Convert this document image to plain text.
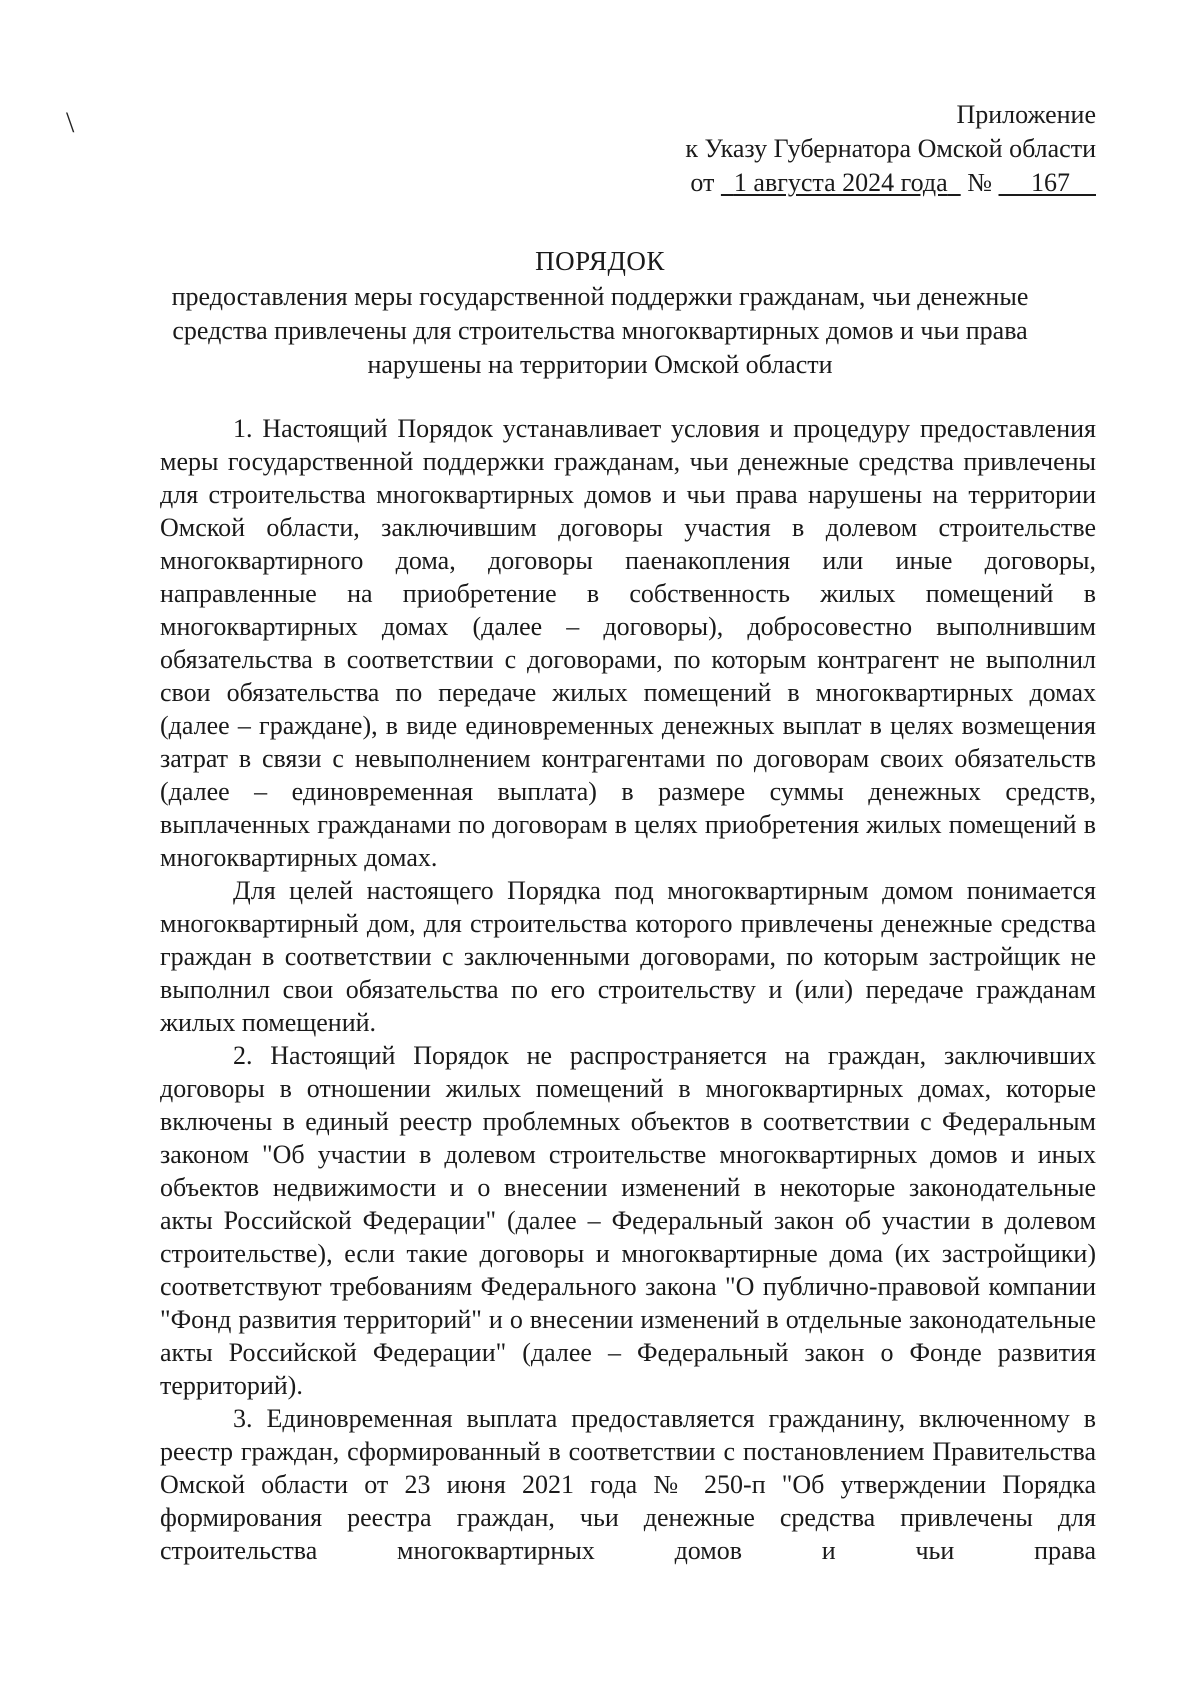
\	Приложение
к Указу Губернатора Омской области
от 1 августа 2024 года № 167
ПОРЯДОК
предоставления меры государственной поддержки гражданам, чьи денежные
средства привлечены для строительства многоквартирных домов и чьи права
нарушены на территории Омской области

1. Настоящий Порядок устанавливает условия и процедуру предоставления меры государственной поддержки гражданам, чьи денежные средства привлечены для строительства многоквартирных домов и чьи права нарушены на территории Омской области, заключившим договоры участия в долевом строительстве многоквартирного дома, договоры паенакопления или иные договоры, направленные на приобретение в собственность жилых помещений в многоквартирных домах (далее – договоры), добросовестно выполнившим обязательства в соответствии с договорами, по которым контрагент не выполнил свои обязательства по передаче жилых помещений в многоквартирных домах (далее – граждане), в виде единовременных денежных выплат в целях возмещения затрат в связи с невыполнением контрагентами по договорам своих обязательств (далее – единовременная выплата) в размере суммы денежных средств, выплаченных гражданами по договорам в целях приобретения жилых помещений в многоквартирных домах.

Для целей настоящего Порядка под многоквартирным домом понимается многоквартирный дом, для строительства которого привлечены денежные средства граждан в соответствии с заключенными договорами, по которым застройщик не выполнил свои обязательства по его строительству и (или) передаче гражданам жилых помещений.

2. Настоящий Порядок не распространяется на граждан, заключивших договоры в отношении жилых помещений в многоквартирных домах, которые включены в единый реестр проблемных объектов в соответствии с Федеральным законом "Об участии в долевом строительстве многоквартирных домов и иных объектов недвижимости и о внесении изменений в некоторые законодательные акты Российской Федерации" (далее – Федеральный закон об участии в долевом строительстве), если такие договоры и многоквартирные дома (их застройщики) соответствуют требованиям Федерального закона "О публично-правовой компании "Фонд развития территорий" и о внесении изменений в отдельные законодательные акты Российской Федерации" (далее – Федеральный закон о Фонде развития территорий).

3. Единовременная выплата предоставляется гражданину, включенному в реестр граждан, сформированный в соответствии с постановлением Правительства Омской области от 23 июня 2021 года № 250-п "Об утверждении Порядка формирования реестра граждан, чьи денежные средства привлечены для строительства многоквартирных домов и чьи права
